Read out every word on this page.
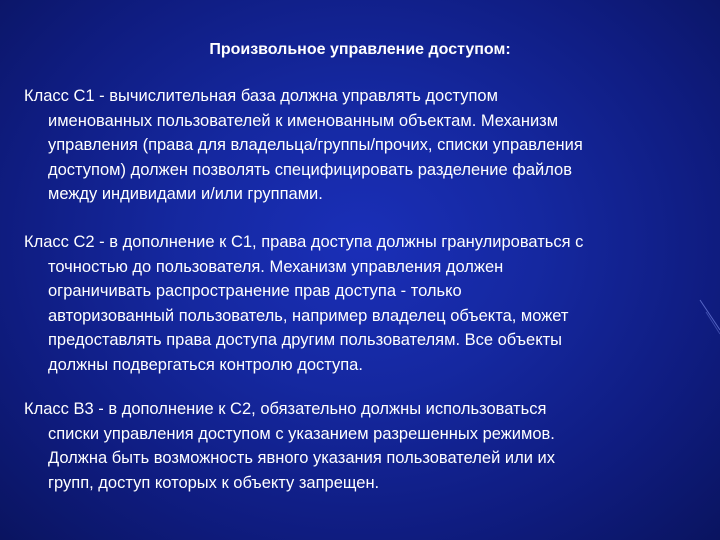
Произвольное управление доступом:
Класс С1 - вычислительная база должна управлять доступом
именованных пользователей к именованным объектам. Механизм
управления (права для владельца/группы/прочих, списки управления
доступом) должен позволять специфицировать разделение файлов
между индивидами и/или группами.
Класс С2 - в дополнение к С1, права доступа должны гранулироваться с
точностью до пользователя. Механизм управления должен
ограничивать распространение прав доступа - только
авторизованный пользователь, например владелец объекта, может
предоставлять права доступа другим пользователям. Все объекты
должны подвергаться контролю доступа.
Класс В3 - в дополнение к С2, обязательно должны использоваться
списки управления доступом с указанием разрешенных режимов.
Должна быть возможность явного указания пользователей или их
групп, доступ которых к объекту запрещен.
